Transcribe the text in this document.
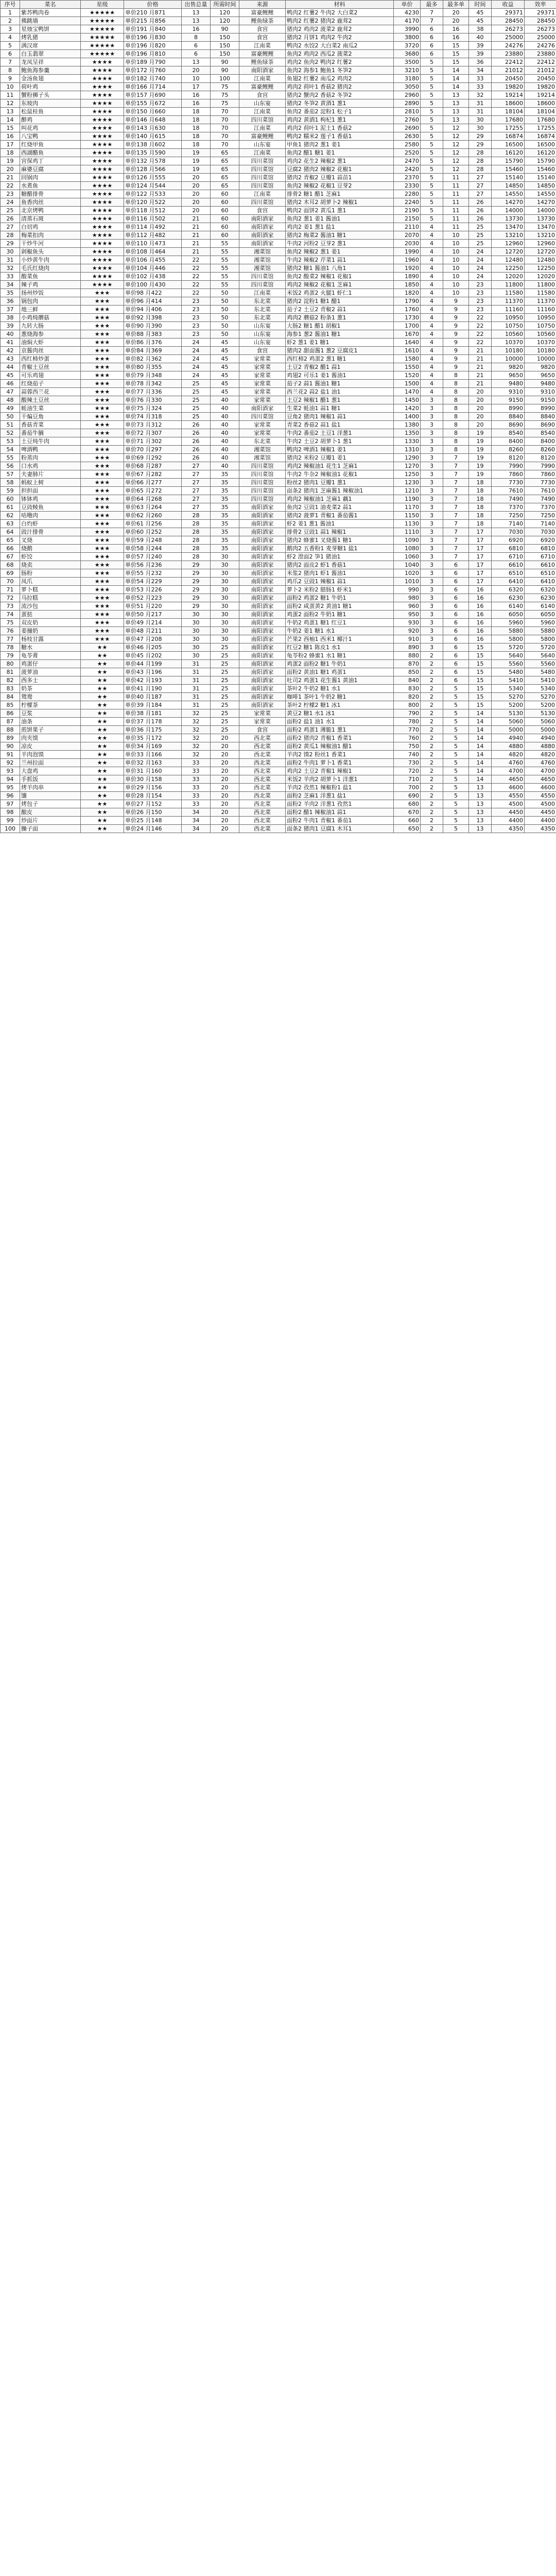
序号	菜名	星级	价格	出售总量	所需时间	来源	材料	单价	最多	最多单	时间	收益	效率
1	紫苏鸭肉卷	★★★★★	单价210 月871	13	120	富豪鲤鲤	鸭肉2 红薯2 牛肉2 大白菜2	4230	7	20	45	29371	29371
2	佛跳墙	★★★★★	单价215 月856	13	120	鲤鱼绿茶	鸭肉2 红薯2 猪肉2 鹿茸2	4170	7	20	45	28450	28450
3	星烛宝鸭饼	★★★★★	单价191 月840	16	90	食宫	猪肉2 鸡肉2 菠菜2 鹿茸2	3990	6	16	38	26273	26273
4	烤乳猪	★★★★★	单价196 月830	8	150	食宫	猪肉2 月饼1 鸡肉2 牛肉2	3800	6	16	40	25000	25000
5	满汉席	★★★★★	单价196 月820	6	150	江南菜	鸭肉2 水饺2 大白菜2 南瓜2	3720	6	15	39	24276	24276
6	白玉翡翠	★★★★★	单价196 月810	6	150	富豪鲤鲤	鱼肉2 鸡肉2 西瓜2 菠菜2	3680	6	15	39	23880	23880
7	龙凤呈祥	★★★★	单价189 月790	13	90	鲤鱼绿茶	鸡肉2 鱼肉2 鸭肉2 红薯2	3500	5	15	36	22412	22412
8	鲍鱼海参羹	★★★★	单价172 月760	20	90	南阳酒家	鱼肉2 海参1 鲍鱼1 冬笋2	3210	5	14	34	21012	21012
9	金汤鱼翅	★★★★	单价182 月740	10	100	江南菜	鱼翅2 红薯2 南瓜2 鸡肉2	3180	5	14	33	20450	20450
10	荷叶鸡	★★★★	单价166 月714	17	75	富豪鲤鲤	鸡肉2 荷叶1 香菇2 猪肉2	3050	5	14	33	19820	19820
11	蟹粉狮子头	★★★★	单价157 月690	16	75	食宫	猪肉2 蟹肉2 香菇2 冬笋2	2960	5	13	32	19214	19214
12	东坡肉	★★★★	单价155 月672	16	75	山东宴	猪肉2 冬笋2 黄酒1 葱1	2890	5	13	31	18600	18600
13	松鼠桂鱼	★★★★	单价150 月660	18	70	江南菜	鱼肉2 番茄2 淀粉1 松子1	2810	5	13	31	18104	18104
14	醉鸡	★★★★	单价146 月648	18	70	四川菜馆	鸡肉2 黄酒1 枸杞1 葱1	2760	5	13	30	17680	17680
15	叫花鸡	★★★★	单价143 月630	18	70	江南菜	鸡肉2 荷叶1 泥土1 香菇2	2690	5	12	30	17255	17255
16	八宝鸭	★★★★	单价140 月615	18	70	富豪鲤鲤	鸭肉2 糯米2 莲子1 香菇1	2630	5	12	29	16874	16874
17	红烧甲鱼	★★★★	单价138 月602	18	70	山东宴	甲鱼1 猪肉2 葱1 姜1	2580	5	12	29	16500	16500
18	西湖醋鱼	★★★★	单价135 月590	19	65	江南菜	鱼肉2 醋1 糖1 姜1	2520	5	12	28	16120	16120
19	宫保鸡丁	★★★★	单价132 月578	19	65	四川菜馆	鸡肉2 花生2 辣椒2 葱1	2470	5	12	28	15790	15790
20	麻婆豆腐	★★★★	单价128 月566	19	65	四川菜馆	豆腐2 猪肉2 辣椒2 花椒1	2420	5	12	28	15460	15460
21	回锅肉	★★★★	单价126 月555	20	65	四川菜馆	猪肉2 青椒2 豆瓣1 蒜苗1	2370	5	11	27	15140	15140
22	水煮鱼	★★★★	单价124 月544	20	65	四川菜馆	鱼肉2 辣椒2 花椒1 豆芽2	2330	5	11	27	14850	14850
23	糖醋排骨	★★★★	单价122 月533	20	60	江南菜	排骨2 糖1 醋1 芝麻1	2280	5	11	27	14550	14550
24	鱼香肉丝	★★★★	单价120 月522	20	60	四川菜馆	猪肉2 木耳2 胡萝卜2 辣椒1	2240	5	11	26	14270	14270
25	北京烤鸭	★★★★	单价118 月512	20	60	食宫	鸭肉2 面饼2 黄瓜1 葱1	2190	5	11	26	14000	14000
26	清蒸石斑	★★★★	单价116 月502	21	60	南阳酒家	鱼肉2 葱1 姜1 酱油1	2150	5	11	26	13730	13730
27	白切鸡	★★★★	单价114 月492	21	60	南阳酒家	鸡肉2 姜1 葱1 盐1	2110	4	11	25	13470	13470
28	梅菜扣肉	★★★★	单价112 月482	21	60	南阳酒家	猪肉2 梅菜2 酱油1 糖1	2070	4	10	25	13210	13210
29	干炒牛河	★★★★	单价110 月473	21	55	南阳酒家	牛肉2 河粉2 豆芽2 葱1	2030	4	10	25	12960	12960
30	剁椒鱼头	★★★★	单价108 月464	21	55	湘菜馆	鱼肉2 辣椒2 葱1 姜1	1990	4	10	24	12720	12720
31	小炒黄牛肉	★★★★	单价106 月455	22	55	湘菜馆	牛肉2 辣椒2 芹菜1 蒜1	1960	4	10	24	12480	12480
32	毛氏红烧肉	★★★★	单价104 月446	22	55	湘菜馆	猪肉2 糖1 酱油1 八角1	1920	4	10	24	12250	12250
33	酸菜鱼	★★★★	单价102 月438	22	55	四川菜馆	鱼肉2 酸菜2 辣椒1 花椒1	1890	4	10	24	12020	12020
34	辣子鸡	★★★★	单价100 月430	22	55	四川菜馆	鸡肉2 辣椒2 花椒1 芝麻1	1850	4	10	23	11800	11800
35	扬州炒饭	★★★	单价98 月422	22	50	江南菜	米饭2 鸡蛋2 火腿1 虾仁1	1820	4	10	23	11580	11580
36	锅包肉	★★★	单价96 月414	23	50	东北菜	猪肉2 淀粉1 糖1 醋1	1790	4	9	23	11370	11370
37	地三鲜	★★★	单价94 月406	23	50	东北菜	茄子2 土豆2 青椒2 蒜1	1760	4	9	23	11160	11160
38	小鸡炖蘑菇	★★★	单价92 月398	23	50	东北菜	鸡肉2 蘑菇2 粉条1 葱1	1730	4	9	22	10950	10950
39	九转大肠	★★★	单价90 月390	23	50	山东宴	大肠2 糖1 醋1 胡椒1	1700	4	9	22	10750	10750
40	葱烧海参	★★★	单价88 月383	23	50	山东宴	海参1 葱2 酱油1 糖1	1670	4	9	22	10560	10560
41	油焖大虾	★★★	单价86 月376	24	45	山东宴	虾2 葱1 姜1 糖1	1640	4	9	22	10370	10370
42	京酱肉丝	★★★	单价84 月369	24	45	食宫	猪肉2 甜面酱1 葱2 豆腐皮1	1610	4	9	21	10180	10180
43	西红柿炒蛋	★★★	单价82 月362	24	45	家常菜	西红柿2 鸡蛋2 葱1 糖1	1580	4	9	21	10000	10000
44	青椒土豆丝	★★★	单价80 月355	24	45	家常菜	土豆2 青椒2 醋1 蒜1	1550	4	9	21	9820	9820
45	可乐鸡翅	★★★	单价79 月348	24	45	家常菜	鸡翅2 可乐1 姜1 酱油1	1520	4	8	21	9650	9650
46	红烧茄子	★★★	单价78 月342	25	45	家常菜	茄子2 蒜1 酱油1 糖1	1500	4	8	21	9480	9480
47	蒜蓉西兰花	★★★	单价77 月336	25	45	家常菜	西兰花2 蒜2 盐1 油1	1470	4	8	20	9310	9310
48	酸辣土豆丝	★★★	单价76 月330	25	40	家常菜	土豆2 辣椒1 醋1 葱1	1450	3	8	20	9150	9150
49	蚝油生菜	★★★	单价75 月324	25	40	南阳酒家	生菜2 蚝油1 蒜1 糖1	1420	3	8	20	8990	8990
50	干煸豆角	★★★	单价74 月318	25	40	四川菜馆	豆角2 猪肉1 辣椒1 蒜1	1400	3	8	20	8840	8840
51	香菇青菜	★★★	单价73 月312	26	40	家常菜	青菜2 香菇2 蒜1 盐1	1380	3	8	20	8690	8690
52	番茄牛腩	★★★	单价72 月307	26	40	家常菜	牛肉2 番茄2 土豆1 洋葱1	1350	3	8	19	8540	8540
53	土豆炖牛肉	★★★	单价71 月302	26	40	东北菜	牛肉2 土豆2 胡萝卜1 葱1	1330	3	8	19	8400	8400
54	啤酒鸭	★★★	单价70 月297	26	40	湘菜馆	鸭肉2 啤酒1 辣椒1 姜1	1310	3	8	19	8260	8260
55	粉蒸肉	★★★	单价69 月292	26	40	湘菜馆	猪肉2 米粉2 豆瓣1 姜1	1290	3	7	19	8120	8120
56	口水鸡	★★★	单价68 月287	27	40	四川菜馆	鸡肉2 辣椒油1 花生1 芝麻1	1270	3	7	19	7990	7990
57	夫妻肺片	★★★	单价67 月282	27	35	四川菜馆	牛肉2 牛杂2 辣椒油1 花椒1	1250	3	7	19	7860	7860
58	蚂蚁上树	★★★	单价66 月277	27	35	四川菜馆	粉丝2 猪肉1 豆瓣1 葱1	1230	3	7	18	7730	7730
59	担担面	★★★	单价65 月272	27	35	四川菜馆	面条2 猪肉1 芝麻酱1 辣椒油1	1210	3	7	18	7610	7610
60	钵钵鸡	★★★	单价64 月268	27	35	四川菜馆	鸡肉2 辣椒油1 芝麻1 藕1	1190	3	7	18	7490	7490
61	豆豉鲮鱼	★★★	单价63 月264	27	35	南阳酒家	鱼肉2 豆豉1 油麦菜2 蒜1	1170	3	7	18	7370	7370
62	咕噜肉	★★★	单价62 月260	28	35	南阳酒家	猪肉2 菠萝1 青椒1 番茄酱1	1150	3	7	18	7250	7250
63	白灼虾	★★★	单价61 月256	28	35	南阳酒家	虾2 姜1 葱1 酱油1	1130	3	7	18	7140	7140
64	豉汁排骨	★★★	单价60 月252	28	35	南阳酒家	排骨2 豆豉1 蒜1 辣椒1	1110	3	7	17	7030	7030
65	叉烧	★★★	单价59 月248	28	35	南阳酒家	猪肉2 蜂蜜1 叉烧酱1 糖1	1090	3	7	17	6920	6920
66	烧鹅	★★★	单价58 月244	28	35	南阳酒家	鹅肉2 五香粉1 麦芽糖1 盐1	1080	3	7	17	6810	6810
67	虾饺	★★★	单价57 月240	28	30	南阳酒家	虾2 澄面2 笋1 猪油1	1060	3	7	17	6710	6710
68	烧卖	★★★	单价56 月236	29	30	南阳酒家	猪肉2 面皮2 虾1 香菇1	1040	3	6	17	6610	6610
69	肠粉	★★★	单价55 月232	29	30	南阳酒家	米浆2 猪肉1 虾1 酱油1	1020	3	6	17	6510	6510
70	凤爪	★★★	单价54 月229	29	30	南阳酒家	鸡爪2 豆豉1 辣椒1 蒜1	1010	3	6	17	6410	6410
71	萝卜糕	★★★	单价53 月226	29	30	南阳酒家	萝卜2 米粉2 腊肠1 虾米1	990	3	6	16	6320	6320
72	马拉糕	★★★	单价52 月223	29	30	南阳酒家	面粉2 鸡蛋2 糖1 牛奶1	980	3	6	16	6230	6230
73	流沙包	★★★	单价51 月220	29	30	南阳酒家	面粉2 咸蛋黄2 黄油1 糖1	960	3	6	16	6140	6140
74	蛋挞	★★★	单价50 月217	30	30	南阳酒家	鸡蛋2 面粉2 牛奶1 糖1	950	3	6	16	6050	6050
75	双皮奶	★★★	单价49 月214	30	30	南阳酒家	牛奶2 鸡蛋1 糖1 红豆1	930	3	6	16	5960	5960
76	姜撞奶	★★★	单价48 月211	30	30	南阳酒家	牛奶2 姜1 糖1 水1	920	3	6	16	5880	5880
77	杨枝甘露	★★★	单价47 月208	30	30	南阳酒家	芒果2 西柚1 西米1 椰汁1	910	3	6	16	5800	5800
78	糖水	★★	单价46 月205	30	25	南阳酒家	红豆2 糖1 陈皮1 水1	890	3	6	15	5720	5720
79	龟苓膏	★★	单价45 月202	30	25	南阳酒家	龟苓粉2 蜂蜜1 水1 糖1	880	2	6	15	5640	5640
80	鸡蛋仔	★★	单价44 月199	31	25	南阳酒家	鸡蛋2 面粉2 糖1 牛奶1	870	2	6	15	5560	5560
81	菠萝油	★★	单价43 月196	31	25	南阳酒家	面粉2 黄油1 糖1 鸡蛋1	850	2	6	15	5480	5480
82	西多士	★★	单价42 月193	31	25	南阳酒家	吐司2 鸡蛋1 花生酱1 黄油1	840	2	6	15	5410	5410
83	奶茶	★★	单价41 月190	31	25	南阳酒家	茶叶2 牛奶2 糖1 水1	830	2	5	15	5340	5340
84	鸳鸯	★★	单价40 月187	31	25	南阳酒家	咖啡1 茶叶1 牛奶2 糖1	820	2	5	15	5270	5270
85	柠檬茶	★★	单价39 月184	31	25	南阳酒家	茶叶2 柠檬2 糖1 冰1	800	2	5	15	5200	5200
86	豆浆	★★	单价38 月181	32	25	家常菜	黄豆2 糖1 水1 冰1	790	2	5	14	5130	5130
87	油条	★★	单价37 月178	32	25	家常菜	面粉2 盐1 油1 水1	780	2	5	14	5060	5060
88	煎饼果子	★★	单价36 月175	32	25	食宫	面粉2 鸡蛋1 薄脆1 葱1	770	2	5	14	5000	5000
89	肉夹馍	★★	单价35 月172	32	20	西北菜	面粉2 猪肉2 青椒1 香菜1	760	2	5	14	4940	4940
90	凉皮	★★	单价34 月169	32	20	西北菜	面粉2 黄瓜1 辣椒油1 醋1	750	2	5	14	4880	4880
91	羊肉泡馍	★★	单价33 月166	32	20	西北菜	羊肉2 馍2 粉丝1 香菜1	740	2	5	14	4820	4820
92	兰州拉面	★★	单价32 月163	33	20	西北菜	面粉2 牛肉1 萝卜1 香菜1	730	2	5	14	4760	4760
93	大盘鸡	★★	单价31 月160	33	20	西北菜	鸡肉2 土豆2 青椒1 辣椒1	720	2	5	14	4700	4700
94	手抓饭	★★	单价30 月158	33	20	西北菜	米饭2 羊肉2 胡萝卜1 洋葱1	710	2	5	14	4650	4650
95	烤羊肉串	★★	单价29 月156	33	20	西北菜	羊肉2 孜然1 辣椒粉1 盐1	700	2	5	13	4600	4600
96	馕	★★	单价28 月154	33	20	西北菜	面粉2 芝麻1 洋葱1 盐1	690	2	5	13	4550	4550
97	烤包子	★★	单价27 月152	33	20	西北菜	面粉2 羊肉2 洋葱1 孜然1	680	2	5	13	4500	4500
98	酿皮	★★	单价26 月150	34	20	西北菜	面粉2 醋1 辣椒油1 蒜1	670	2	5	13	4450	4450
99	炒面片	★★	单价25 月148	34	20	西北菜	面粉2 牛肉1 青椒1 番茄1	660	2	5	13	4400	4400
100	臊子面	★★	单价24 月146	34	20	西北菜	面条2 猪肉1 豆腐1 木耳1	650	2	5	13	4350	4350
